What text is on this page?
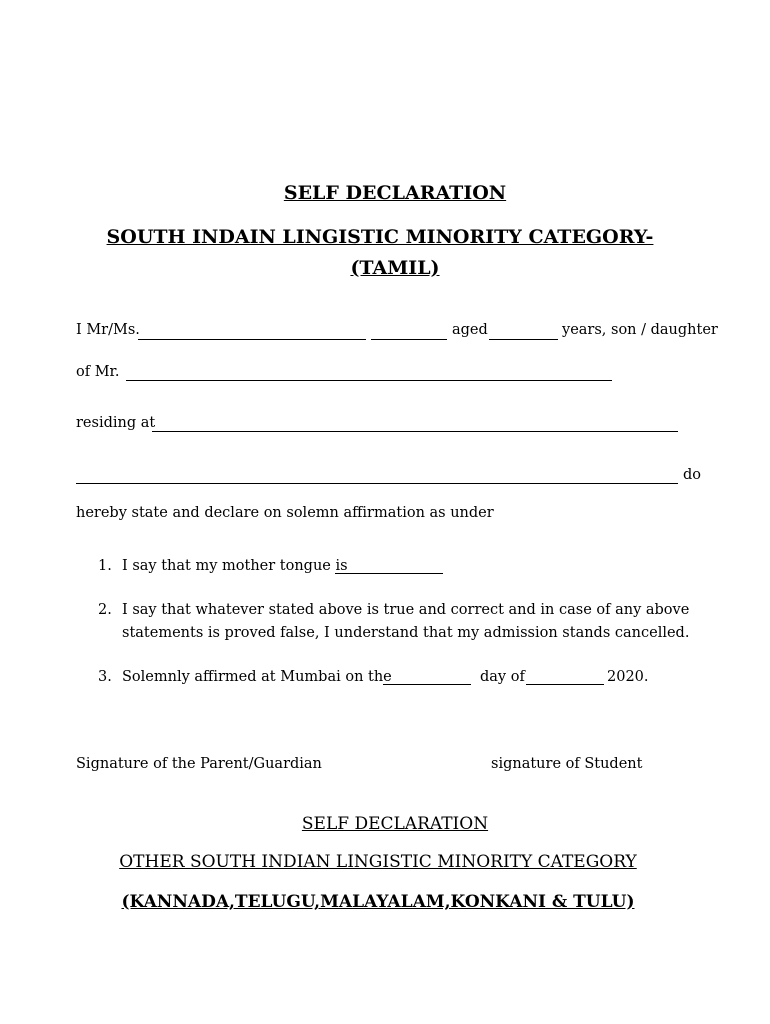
SELF DECLARATION
SOUTH INDAIN LINGISTIC MINORITY CATEGORY-
(TAMIL)
I Mr/Ms.	aged	years, son / daughter
of Mr.
residing at
do
hereby state and declare on solemn affirmation as under
1. I say that my mother tongue is
2. I say that whatever stated above is true and correct and in case of any above
statements is proved false, I understand that my admission stands cancelled.
3. Solemnly affirmed at Mumbai on the	day of	2020.
Signature of the Parent/Guardian	signature of Student
SELF DECLARATION
OTHER SOUTH INDIAN LINGISTIC MINORITY CATEGORY
(KANNADA,TELUGU,MALAYALAM,KONKANI & TULU)
